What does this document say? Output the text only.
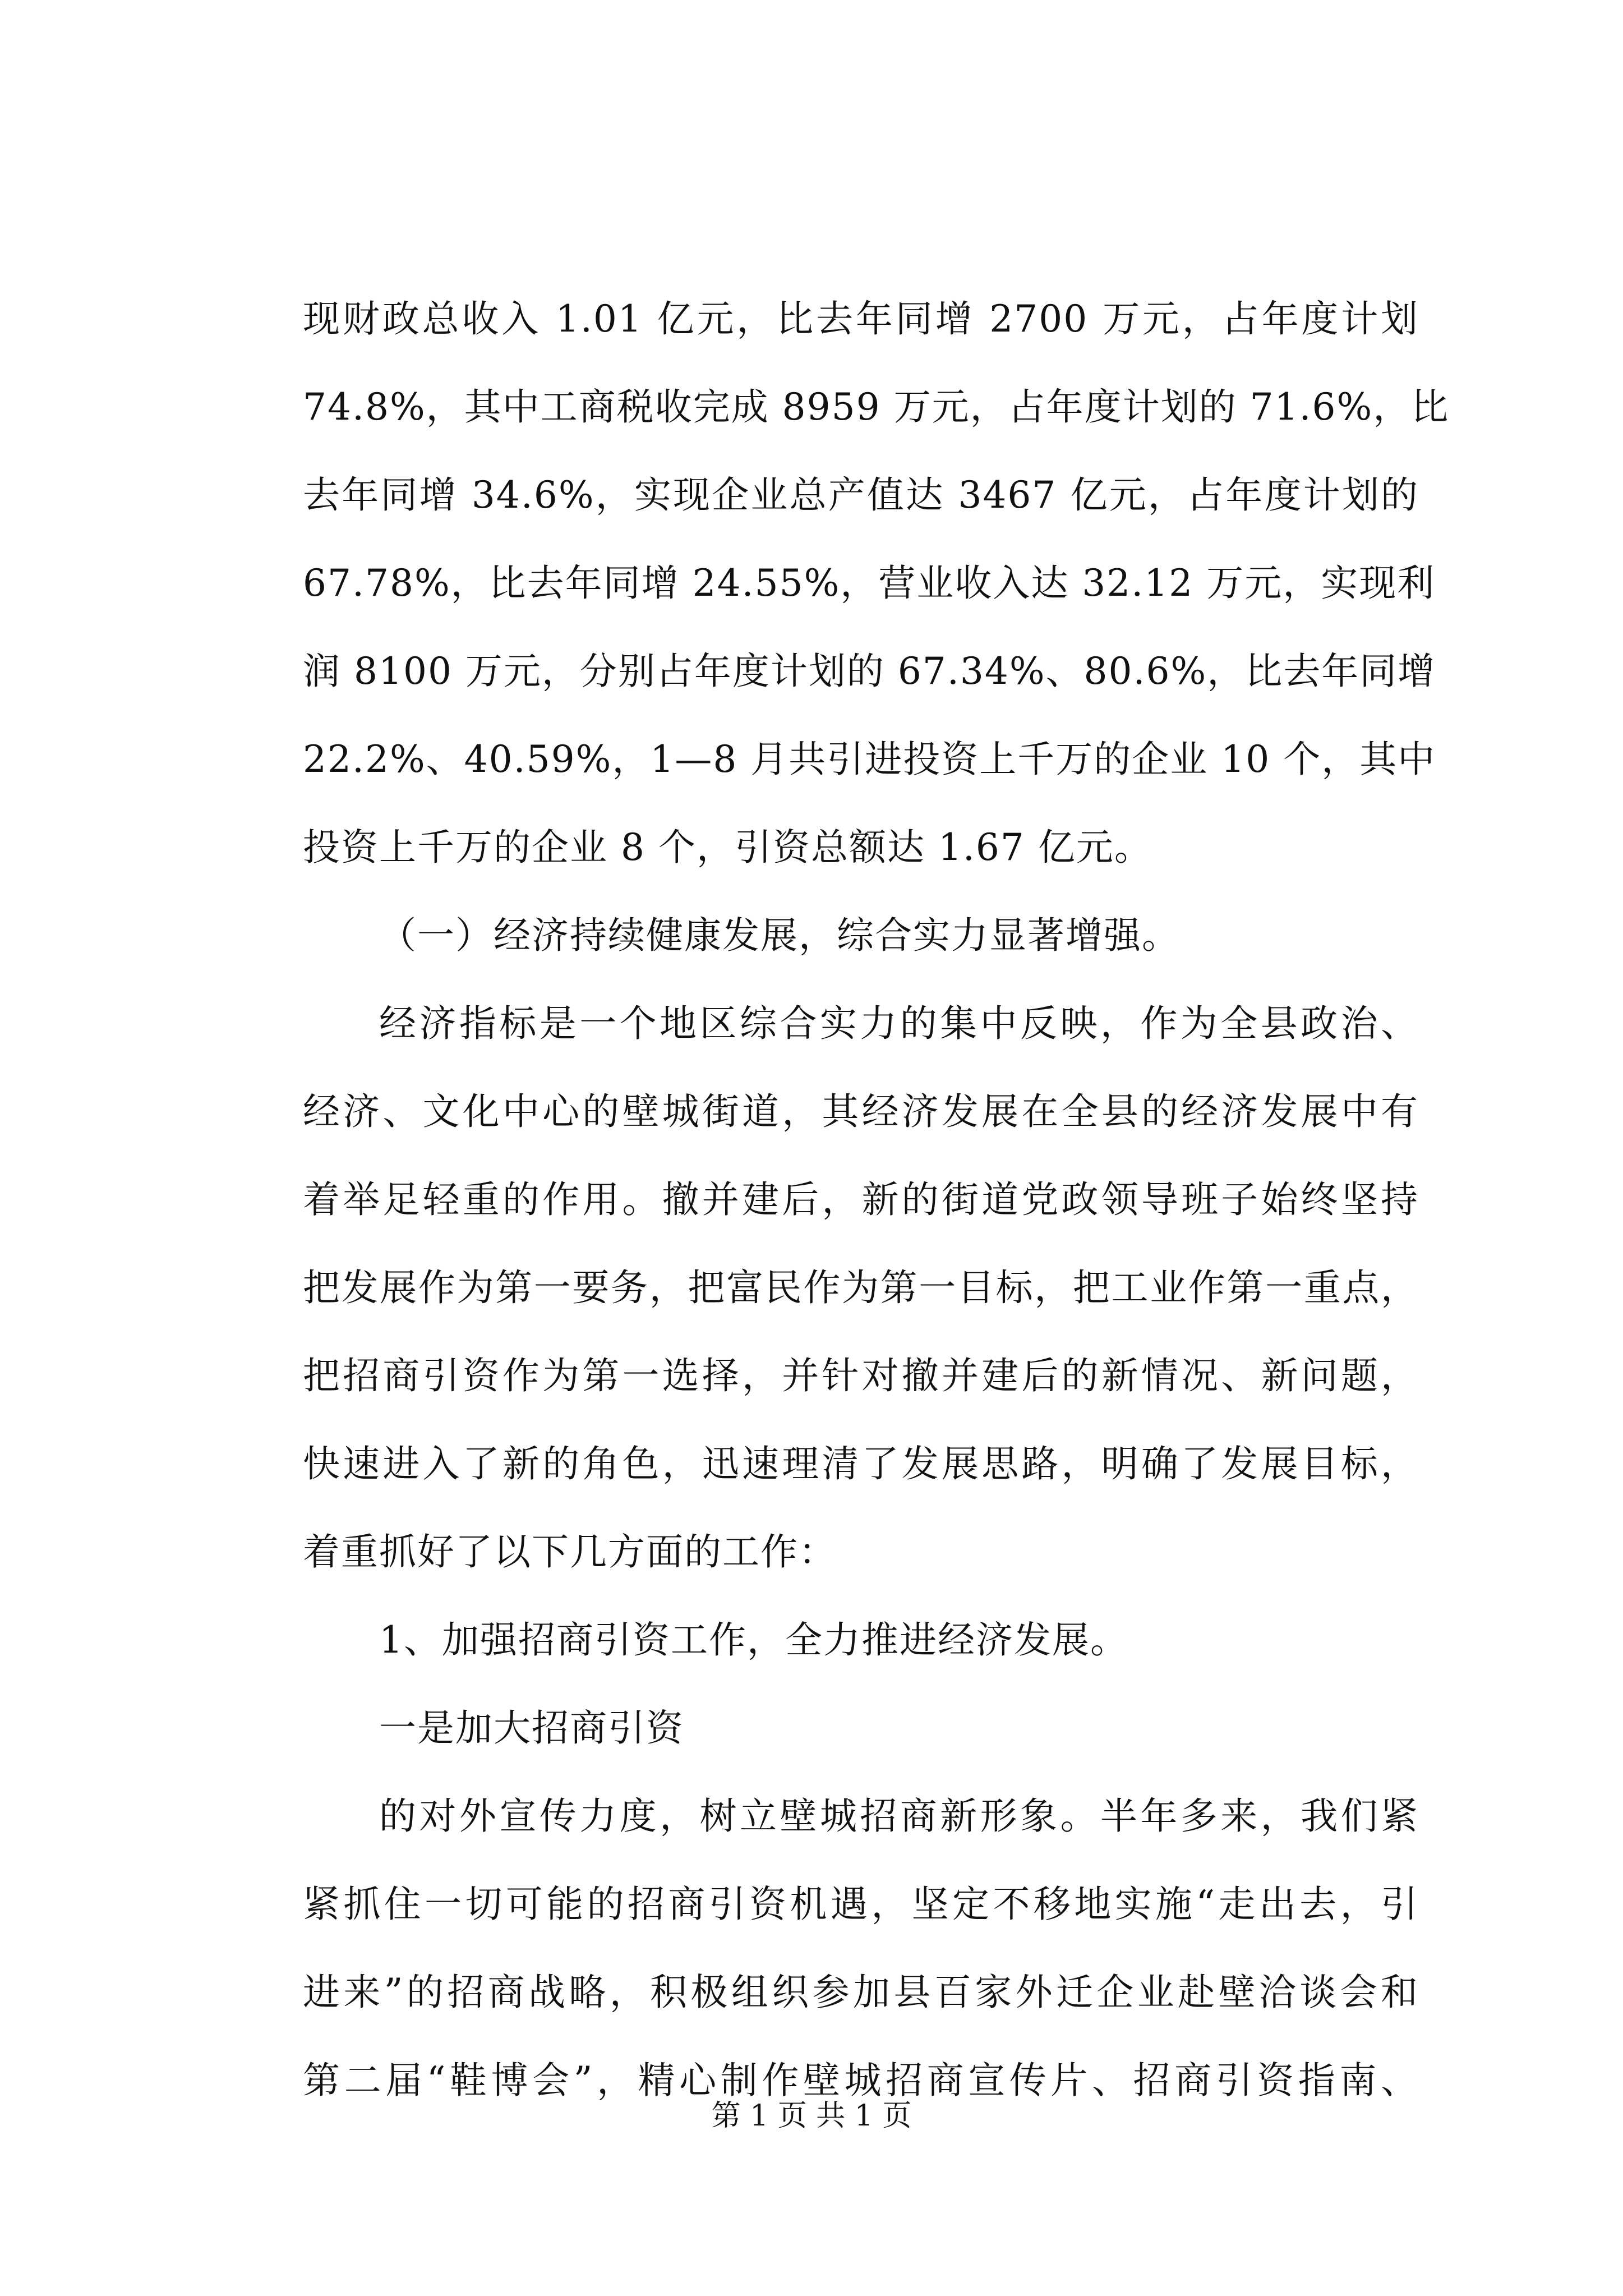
现财政总收入 1.01 亿元，比去年同增 2700 万元，占年度计划
74.8%，其中工商税收完成 8959 万元，占年度计划的 71.6%，比
去年同增 34.6%，实现企业总产值达 3467 亿元，占年度计划的
67.78%，比去年同增 24.55%，营业收入达 32.12 万元，实现利
润 8100 万元，分别占年度计划的 67.34%、80.6%，比去年同增
22.2%、40.59%，1—8 月共引进投资上千万的企业 10 个，其中
投资上千万的企业 8 个，引资总额达 1.67 亿元。
（一）经济持续健康发展，综合实力显著增强。
经济指标是一个地区综合实力的集中反映，作为全县政治、
经济、文化中心的壁城街道，其经济发展在全县的经济发展中有
着举足轻重的作用。撤并建后，新的街道党政领导班子始终坚持
把发展作为第一要务，把富民作为第一目标，把工业作第一重点，
把招商引资作为第一选择，并针对撤并建后的新情况、新问题，
快速进入了新的角色，迅速理清了发展思路，明确了发展目标，
着重抓好了以下几方面的工作：
1、加强招商引资工作，全力推进经济发展。
一是加大招商引资
的对外宣传力度，树立壁城招商新形象。半年多来，我们紧
紧抓住一切可能的招商引资机遇，坚定不移地实施“走出去，引
进来”的招商战略，积极组织参加县百家外迁企业赴壁洽谈会和
第二届“鞋博会”，精心制作壁城招商宣传片、招商引资指南、
第 1 页 共 1 页
